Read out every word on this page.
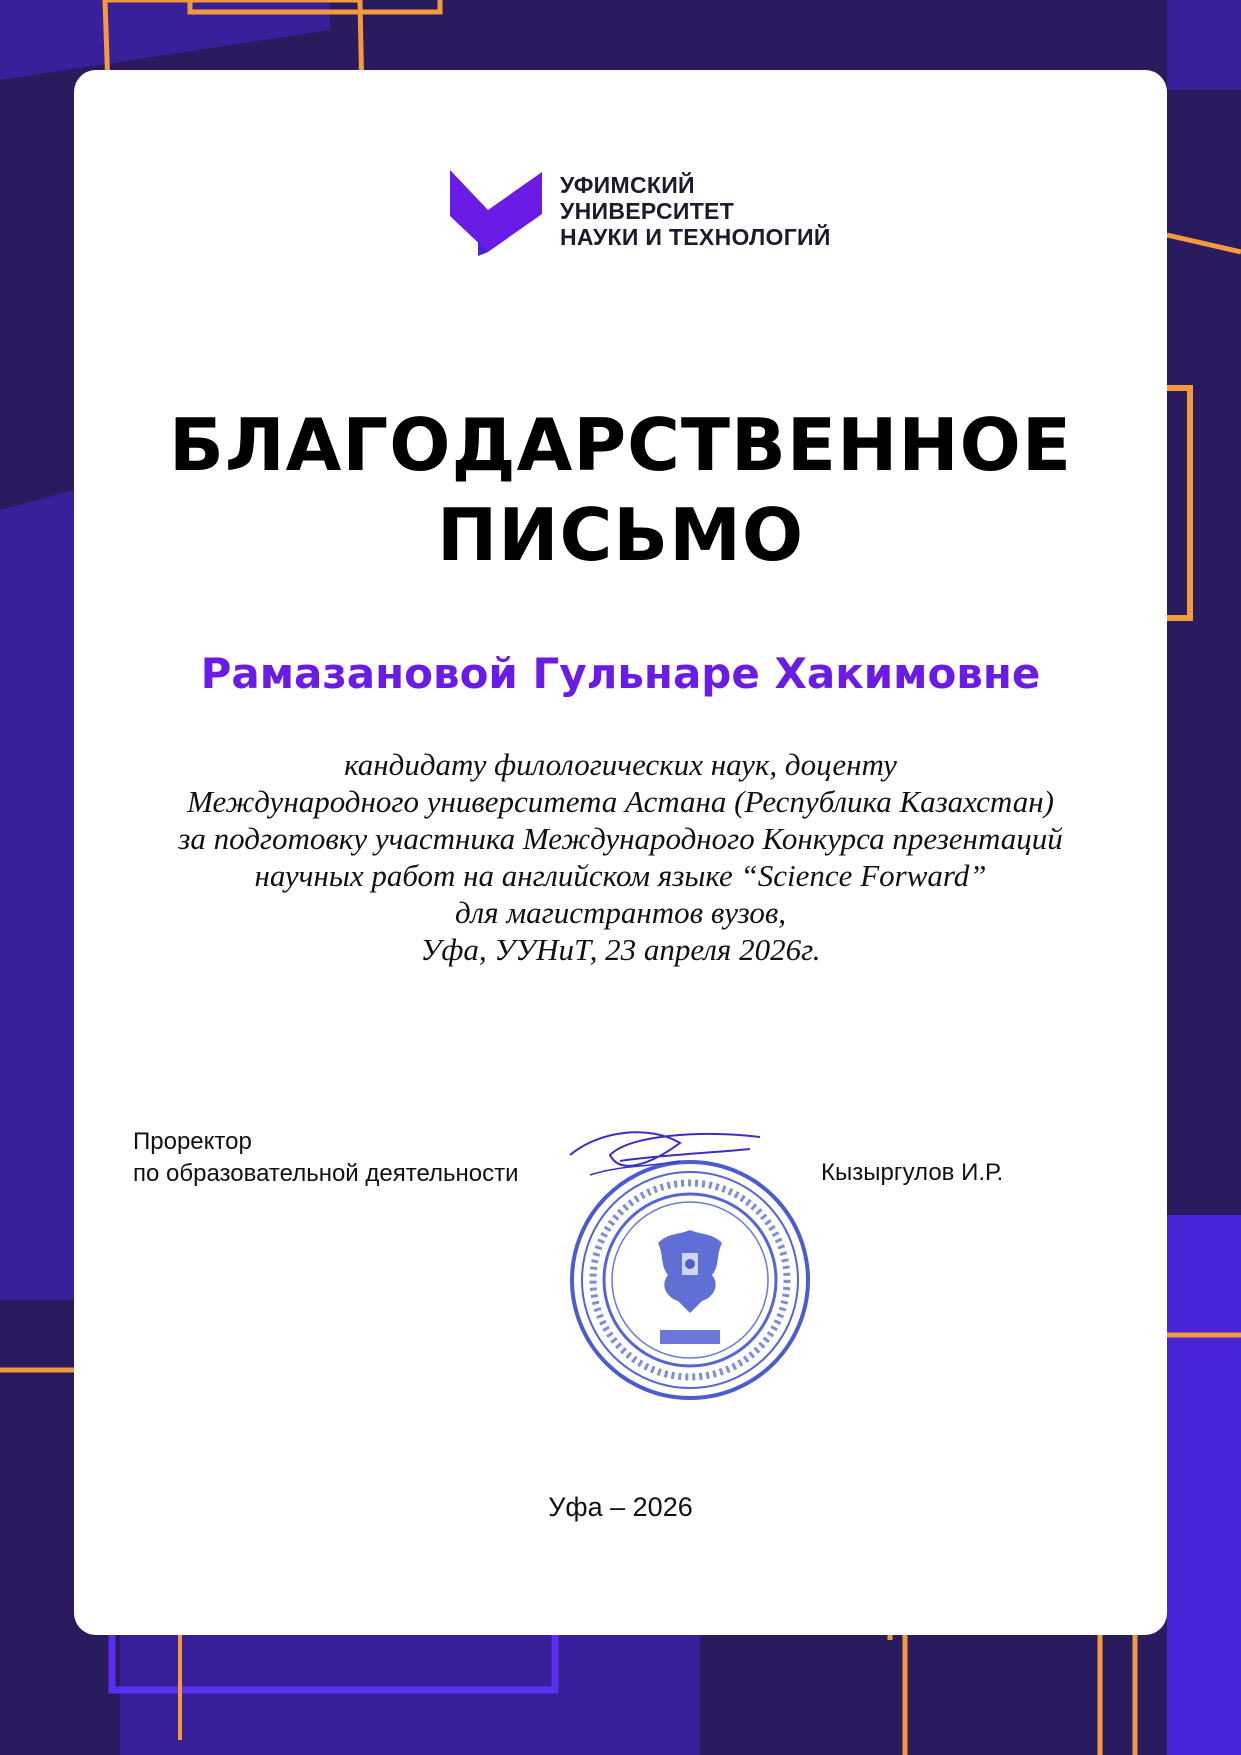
УФИМСКИЙ
УНИВЕРСИТЕТ
НАУКИ И ТЕХНОЛОГИЙ
БЛАГОДАРСТВЕННОЕ
ПИСЬМО
Рамазановой Гульнаре Хакимовне
кандидату филологических наук, доценту
Международного университета Астана (Республика Казахстан)
за подготовку участника Международного Конкурса презентаций
научных работ на английском языке “Science Forward”
для магистрантов вузов,
Уфа, УУНиТ, 23 апреля 2026г.
Проректор
по образовательной деятельности	Кызыргулов И.Р.
Уфа – 2026
